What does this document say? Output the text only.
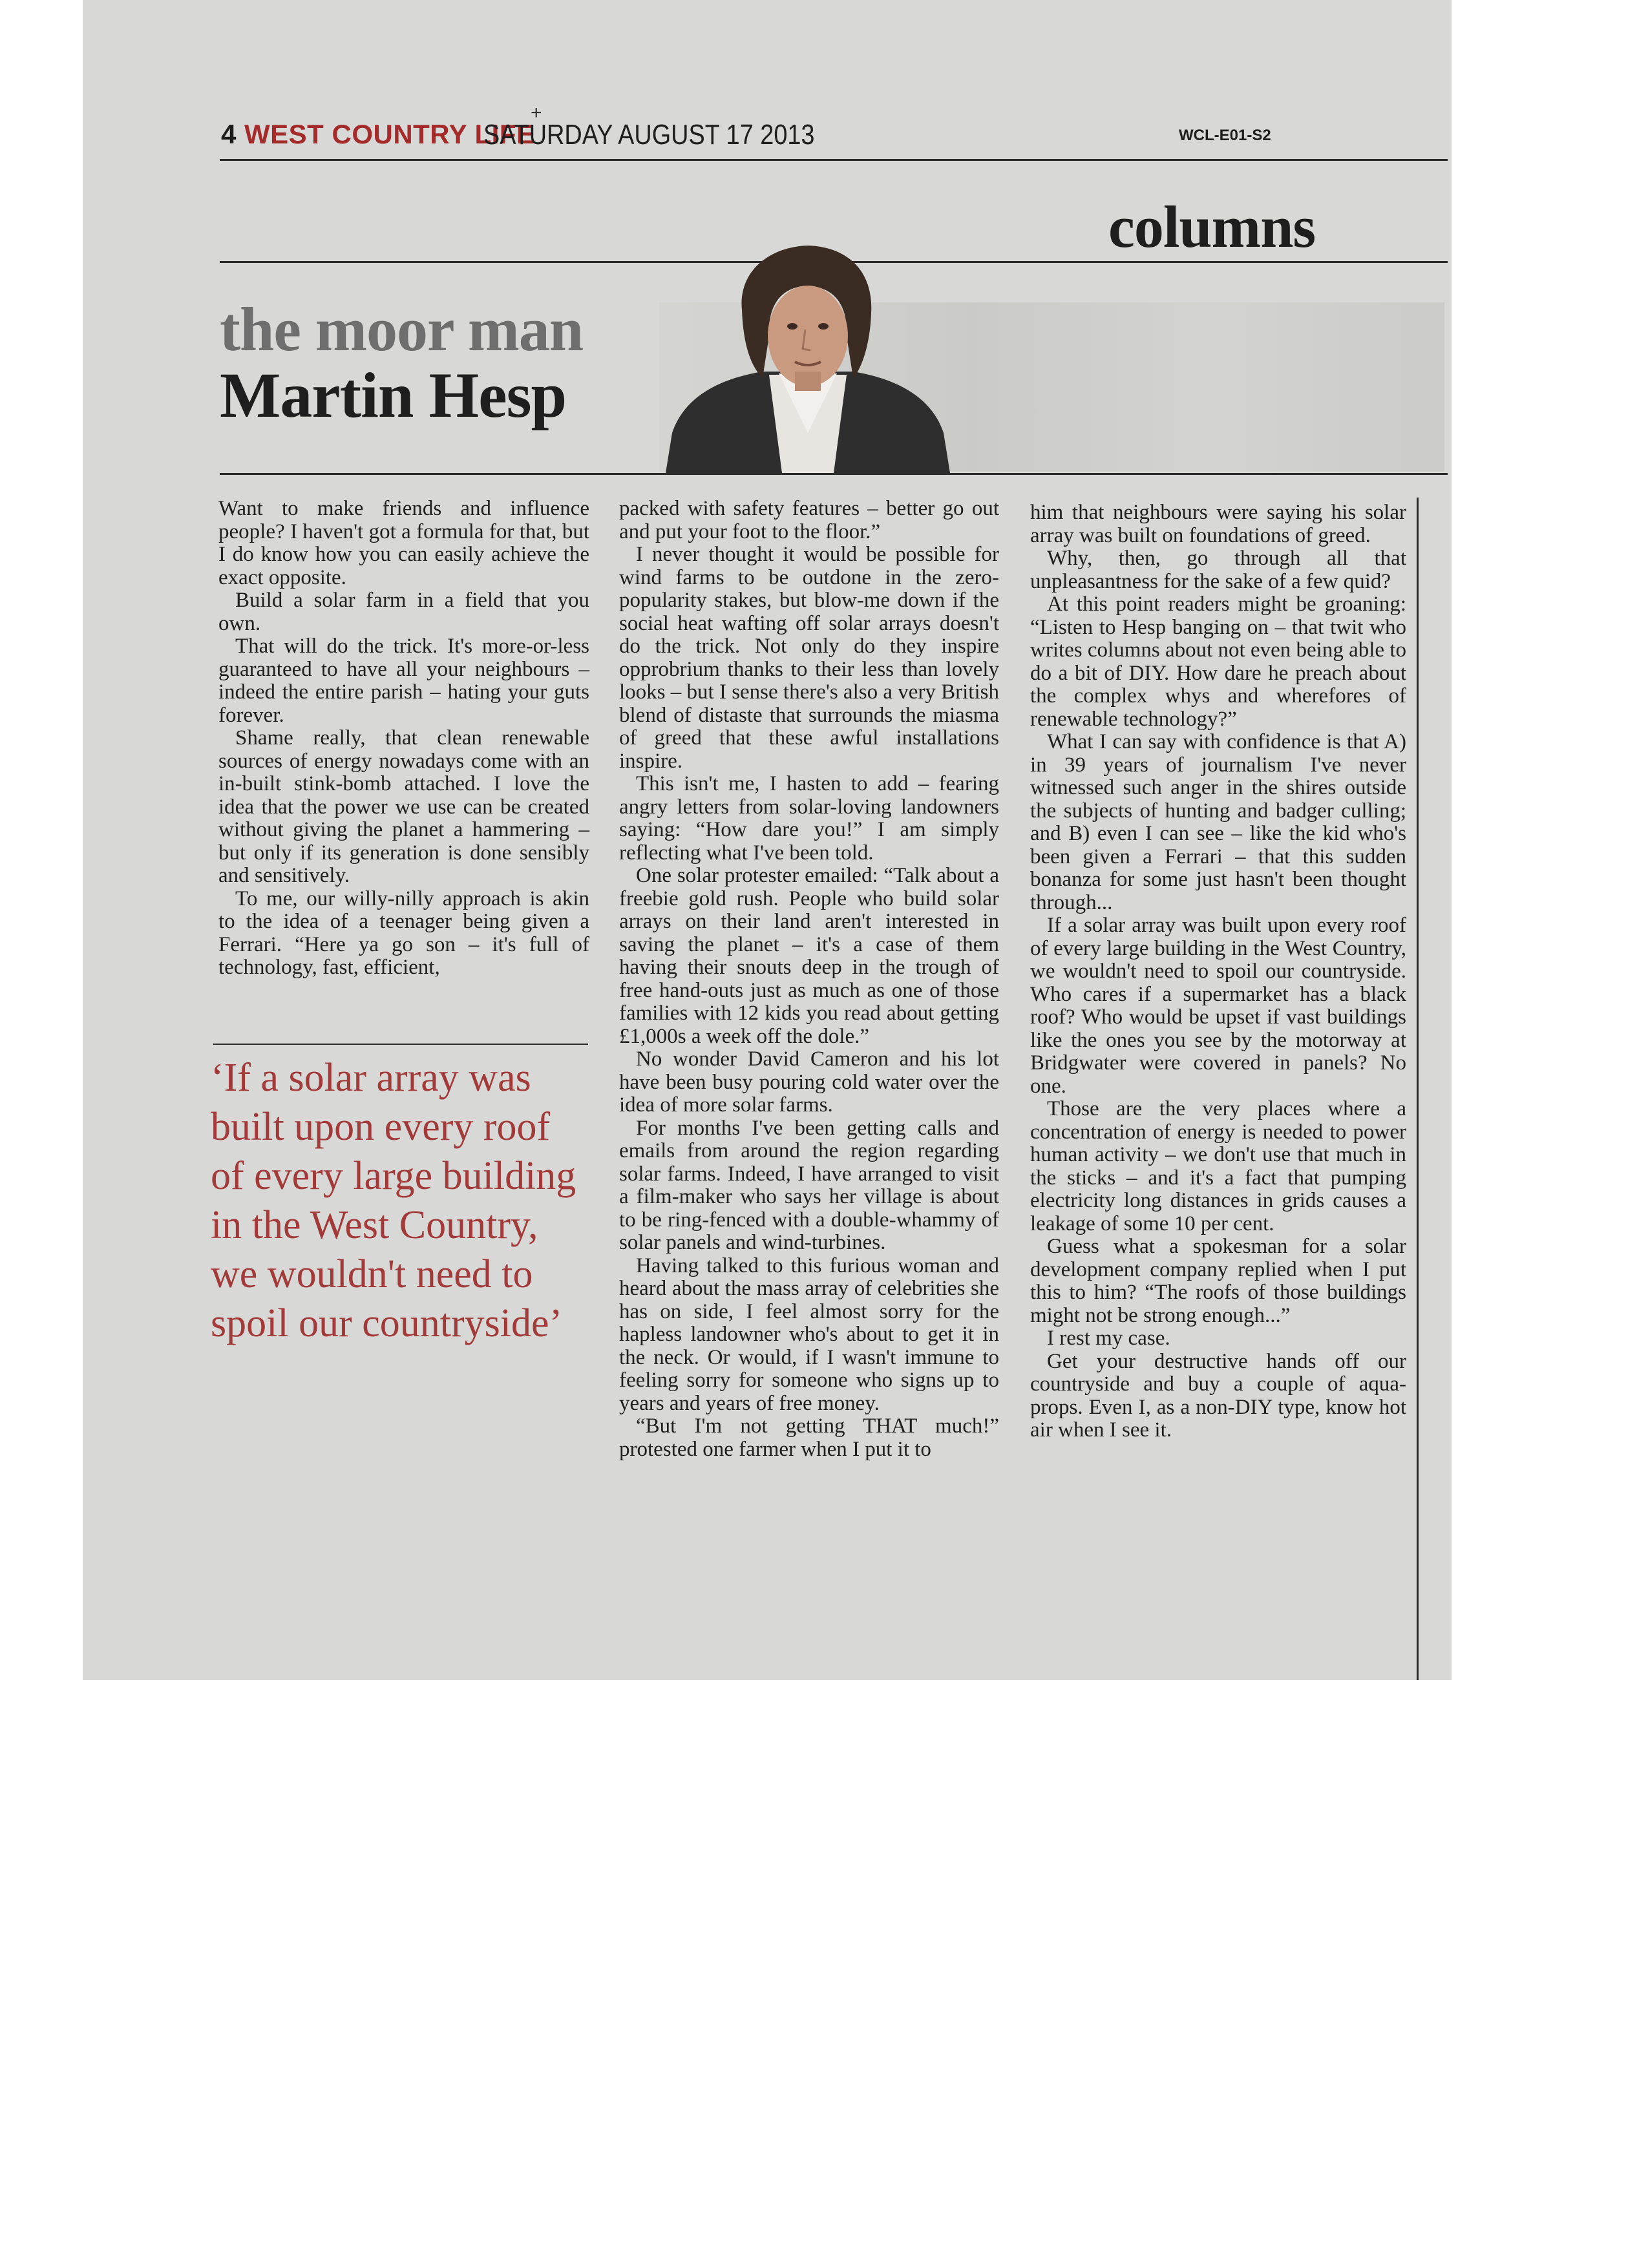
+
4 WEST COUNTRY LIFE
SATURDAY AUGUST 17 2013	WCL-E01-S2
columns
the moor man
Martin Hesp

Want to make friends and influence people? I haven't got a formula for that, but I do know how you can easily achieve the exact opposite.

Build a solar farm in a field that you own.

That will do the trick. It's more-or-less guaranteed to have all your neighbours – indeed the entire parish – hating your guts forever.

Shame really, that clean renewable sources of energy nowadays come with an in-built stink-bomb attached. I love the idea that the power we use can be created without giving the planet a hammering – but only if its generation is done sensibly and sensitively.

To me, our willy-nilly approach is akin to the idea of a teenager being given a Ferrari. “Here ya go son – it's full of technology, fast, efficient,

‘If a solar array was built upon every roof of every large building in the West Country, we wouldn't need to spoil our countryside’

packed with safety features – better go out and put your foot to the floor.”

I never thought it would be possible for wind farms to be outdone in the zero-popularity stakes, but blow-me down if the social heat wafting off solar arrays doesn't do the trick. Not only do they inspire opprobrium thanks to their less than lovely looks – but I sense there's also a very British blend of distaste that surrounds the miasma of greed that these awful installations inspire.

This isn't me, I hasten to add – fearing angry letters from solar-loving landowners saying: “How dare you!” I am simply reflecting what I've been told.

One solar protester emailed: “Talk about a freebie gold rush. People who build solar arrays on their land aren't interested in saving the planet – it's a case of them having their snouts deep in the trough of free hand-outs just as much as one of those families with 12 kids you read about getting £1,000s a week off the dole.”

No wonder David Cameron and his lot have been busy pouring cold water over the idea of more solar farms.

For months I've been getting calls and emails from around the region regarding solar farms. Indeed, I have arranged to visit a film-maker who says her village is about to be ring-fenced with a double-whammy of solar panels and wind-turbines.

Having talked to this furious woman and heard about the mass array of celebrities she has on side, I feel almost sorry for the hapless landowner who's about to get it in the neck. Or would, if I wasn't immune to feeling sorry for someone who signs up to years and years of free money.

“But I'm not getting THAT much!” protested one farmer when I put it to

him that neighbours were saying his solar array was built on foundations of greed.

Why, then, go through all that unpleasantness for the sake of a few quid?

At this point readers might be groaning: “Listen to Hesp banging on – that twit who writes columns about not even being able to do a bit of DIY. How dare he preach about the complex whys and wherefores of renewable technology?”

What I can say with confidence is that A) in 39 years of journalism I've never witnessed such anger in the shires outside the subjects of hunting and badger culling; and B) even I can see – like the kid who's been given a Ferrari – that this sudden bonanza for some just hasn't been thought through...

If a solar array was built upon every roof of every large building in the West Country, we wouldn't need to spoil our countryside. Who cares if a supermarket has a black roof? Who would be upset if vast buildings like the ones you see by the motorway at Bridgwater were covered in panels? No one.

Those are the very places where a concentration of energy is needed to power human activity – we don't use that much in the sticks – and it's a fact that pumping electricity long distances in grids causes a leakage of some 10 per cent.

Guess what a spokesman for a solar development company replied when I put this to him? “The roofs of those buildings might not be strong enough...”

I rest my case.

Get your destructive hands off our countryside and buy a couple of aqua-props. Even I, as a non-DIY type, know hot air when I see it.
